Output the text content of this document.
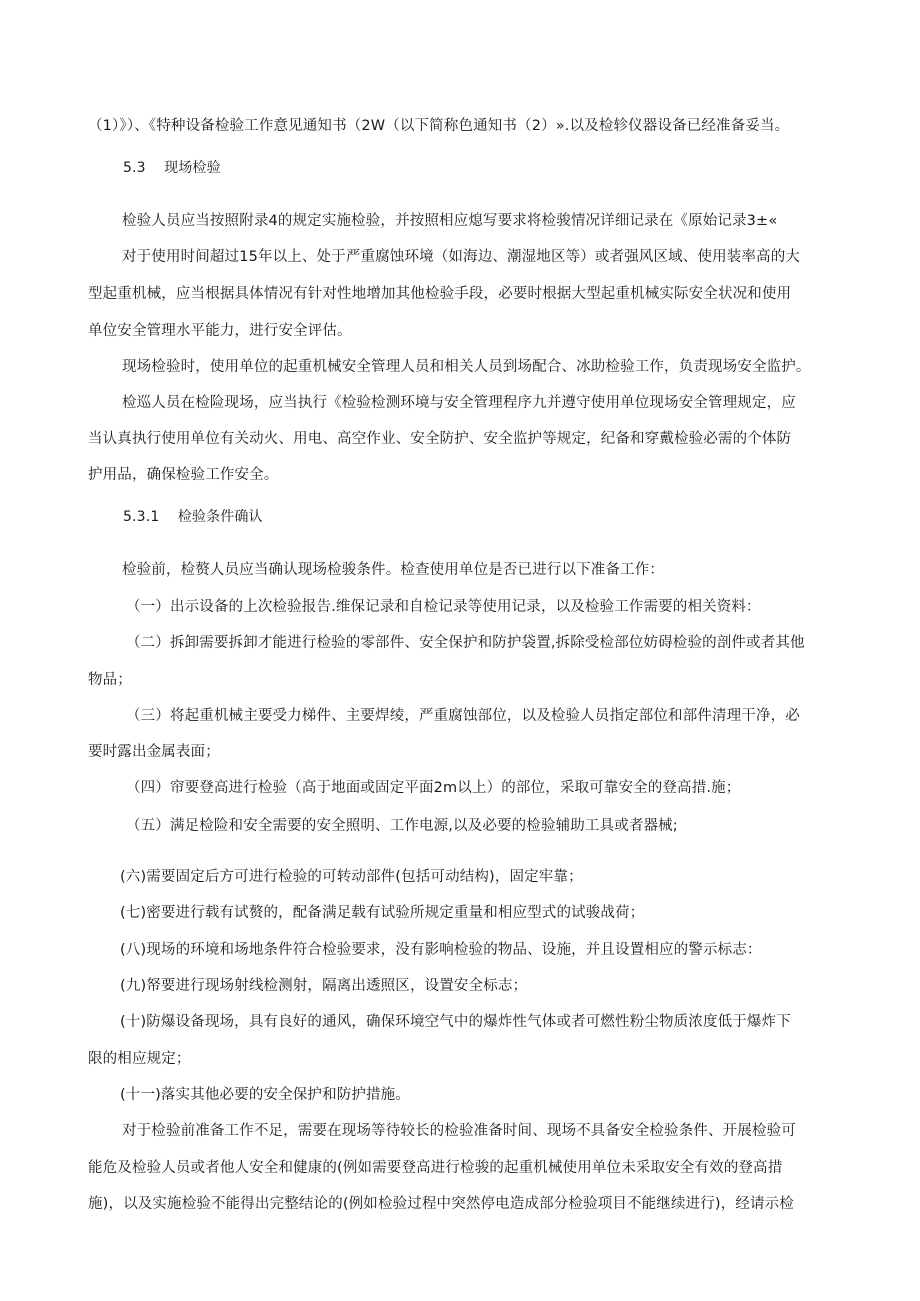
（1）》）、《特种设备检验工作意见通知书（2W（以下简称色通知书（2）».以及检轸仪器设备已经准备妥当。
5.3 现场检验
检验人员应当按照附录4的规定实施检验，并按照相应熄写要求将检骏情况详细记录在《原始记录3±«
对于使用时间超过15年以上、处于严重腐蚀环境（如海边、潮湿地区等）或者强风区域、使用装率高的大
型起重机械，应当根据具体情况有针对性地增加其他检验手段，必要时根据大型起重机械实际安全状况和使用
单位安全管理水平能力，进行安全评估。
现场检验时，使用单位的起重机械安全管理人员和相关人员到场配合、冰助检验工作，负责现场安全监护。
检巡人员在检险现场，应当执行《检验检测环境与安全管理程序九并遵守使用单位现场安全管理规定，应
当认真执行使用单位有关动火、用电、高空作业、安全防护、安全监护等规定，纪备和穿戴检验必需的个体防
护用品，确保检验工作安全。
5.3.1 检验条件确认
检验前，检赘人员应当确认现场检骏条件。检查使用单位是否已进行以下准备工作：
（一）出示设备的上次检验报告.维保记录和自检记录等使用记录，以及检验工作需要的相关资料：
（二）拆卸需要拆卸才能进行检验的零部件、安全保护和防护袋置,拆除受检部位妨碍检验的剖件或者其他
物品；
（三）将起重机械主要受力梯件、主要焊绫，严重腐蚀部位，以及检验人员指定部位和部件清理干净，必
要时露出金属表面；
（四）帘要登高进行检验（高于地面或固定平面2m以上）的部位，采取可靠安全的登高措.施；
（五）满足检险和安全需要的安全照明、工作电源,以及必要的检验辅助工具或者器械;
(六)需要固定后方可进行检验的可转动部件(包括可动结构)，固定牢靠；
(七)密要进行载有试赘的，配备满足载有试验所规定重量和相应型式的试骏战荷；
(八)现场的环境和场地条件符合检验要求，没有影响检验的物品、设施，并且设置相应的警示标志：
(九)帑要进行现场射线检测射，隔离出透照区，设置安全标志；
(十)防爆设备现场，具有良好的通风，确保环境空气中的爆炸性气体或者可燃性粉尘物质浓度低于爆炸下
限的相应规定；
(十一)落实其他必要的安全保护和防护措施。
对于检验前准备工作不足，需要在现场等待较长的检验准备时间、现场不具备安全检验条件、开展检验可
能危及检验人员或者他人安全和健康的(例如需要登高进行检骏的起重机械使用单位未采取安全有效的登高措
施)，以及实施检验不能得出完整结论的(例如检验过程中突然停电造成部分检验项目不能继续进行)，经请示检
